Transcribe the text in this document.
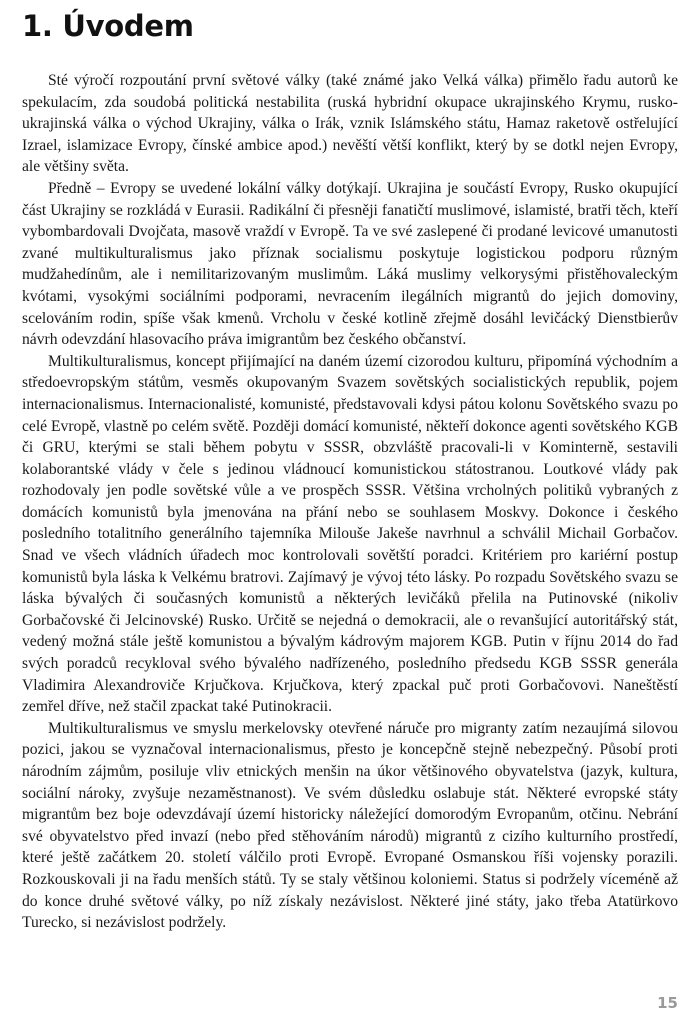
1. Úvodem

Sté výročí rozpoutání první světové války (také známé jako Velká válka) přimělo řadu autorů ke spekulacím, zda soudobá politická nestabilita (ruská hybridní okupace ukrajinského Krymu, rusko-ukrajinská válka o východ Ukrajiny, válka o Irák, vznik Islámského státu, Hamaz raketově ostřelující Izrael, islamizace Evropy, čínské ambice apod.) nevěští větší konflikt, který by se dotkl nejen Evropy, ale většiny světa.

Předně – Evropy se uvedené lokální války dotýkají. Ukrajina je součástí Evropy, Rusko okupující část Ukrajiny se rozkládá v Eurasii. Radikální či přesněji fanatičtí muslimové, islamisté, bratři těch, kteří vybombardovali Dvojčata, masově vraždí v Evropě. Ta ve své zaslepené či prodané levicové umanutosti zvané multikulturalismus jako příznak socialismu poskytuje logistickou podporu různým mudžahedínům, ale i nemilitarizovaným muslimům. Láká muslimy velkorysými přistěhovaleckým kvótami, vysokými sociálními podporami, nevracením ilegálních migrantů do jejich domoviny, scelováním rodin, spíše však kmenů. Vrcholu v české kotlině zřejmě dosáhl levičácký Dienstbierův návrh odevzdání hlasovacího práva imigrantům bez českého občanství.

Multikulturalismus, koncept přijímající na daném území cizorodou kulturu, připomíná východním a středoevropským státům, vesměs okupovaným Svazem sovětských socialistických republik, pojem internacionalismus. Internacionalisté, komunisté, představovali kdysi pátou kolonu Sovětského svazu po celé Evropě, vlastně po celém světě. Později domácí komunisté, někteří dokonce agenti sovětského KGB či GRU, kterými se stali během pobytu v SSSR, obzvláště pracovali-li v Kominterně, sestavili kolaborantské vlády v čele s jedinou vládnoucí komunistickou státostranou. Loutkové vlády pak rozhodovaly jen podle sovětské vůle a ve prospěch SSSR. Většina vrcholných politiků vybraných z domácích komunistů byla jmenována na přání nebo se souhlasem Moskvy. Dokonce i českého posledního totalitního generálního tajemníka Milouše Jakeše navrhnul a schválil Michail Gorbačov. Snad ve všech vládních úřadech moc kontrolovali sovětští poradci. Kritériem pro kariérní postup komunistů byla láska k Velkému bratrovi. Zajímavý je vývoj této lásky. Po rozpadu Sovětského svazu se láska bývalých či současných komunistů a některých levičáků přelila na Putinovské (nikoliv Gorbačovské či Jelcinovské) Rusko. Určitě se nejedná o demokracii, ale o revanšující autoritářský stát, vedený možná stále ještě komunistou a bývalým kádrovým majorem KGB. Putin v říjnu 2014 do řad svých poradců recykloval svého bývalého nadřízeného, posledního předsedu KGB SSSR generála Vladimira Alexandroviče Krjučkova. Krjučkova, který zpackal puč proti Gorbačovovi. Naneštěstí zemřel dříve, než stačil zpackat také Putinokracii.

Multikulturalismus ve smyslu merkelovsky otevřené náruče pro migranty zatím nezaujímá silovou pozici, jakou se vyznačoval internacionalismus, přesto je koncepčně stejně nebezpečný. Působí proti národním zájmům, posiluje vliv etnických menšin na úkor většinového obyvatelstva (jazyk, kultura, sociální nároky, zvyšuje nezaměstnanost). Ve svém důsledku oslabuje stát. Některé evropské státy migrantům bez boje odevzdávají území historicky náležející domorodým Evropanům, otčinu. Nebrání své obyvatelstvo před invazí (nebo před stěhováním národů) migrantů z cizího kulturního prostředí, které ještě začátkem 20. století válčilo proti Evropě. Evropané Osmanskou říši vojensky porazili. Rozkouskovali ji na řadu menších států. Ty se staly většinou koloniemi. Status si podržely víceméně až do konce druhé světové války, po níž získaly nezávislost. Některé jiné státy, jako třeba Atatürkovo Turecko, si nezávislost podržely.

15
